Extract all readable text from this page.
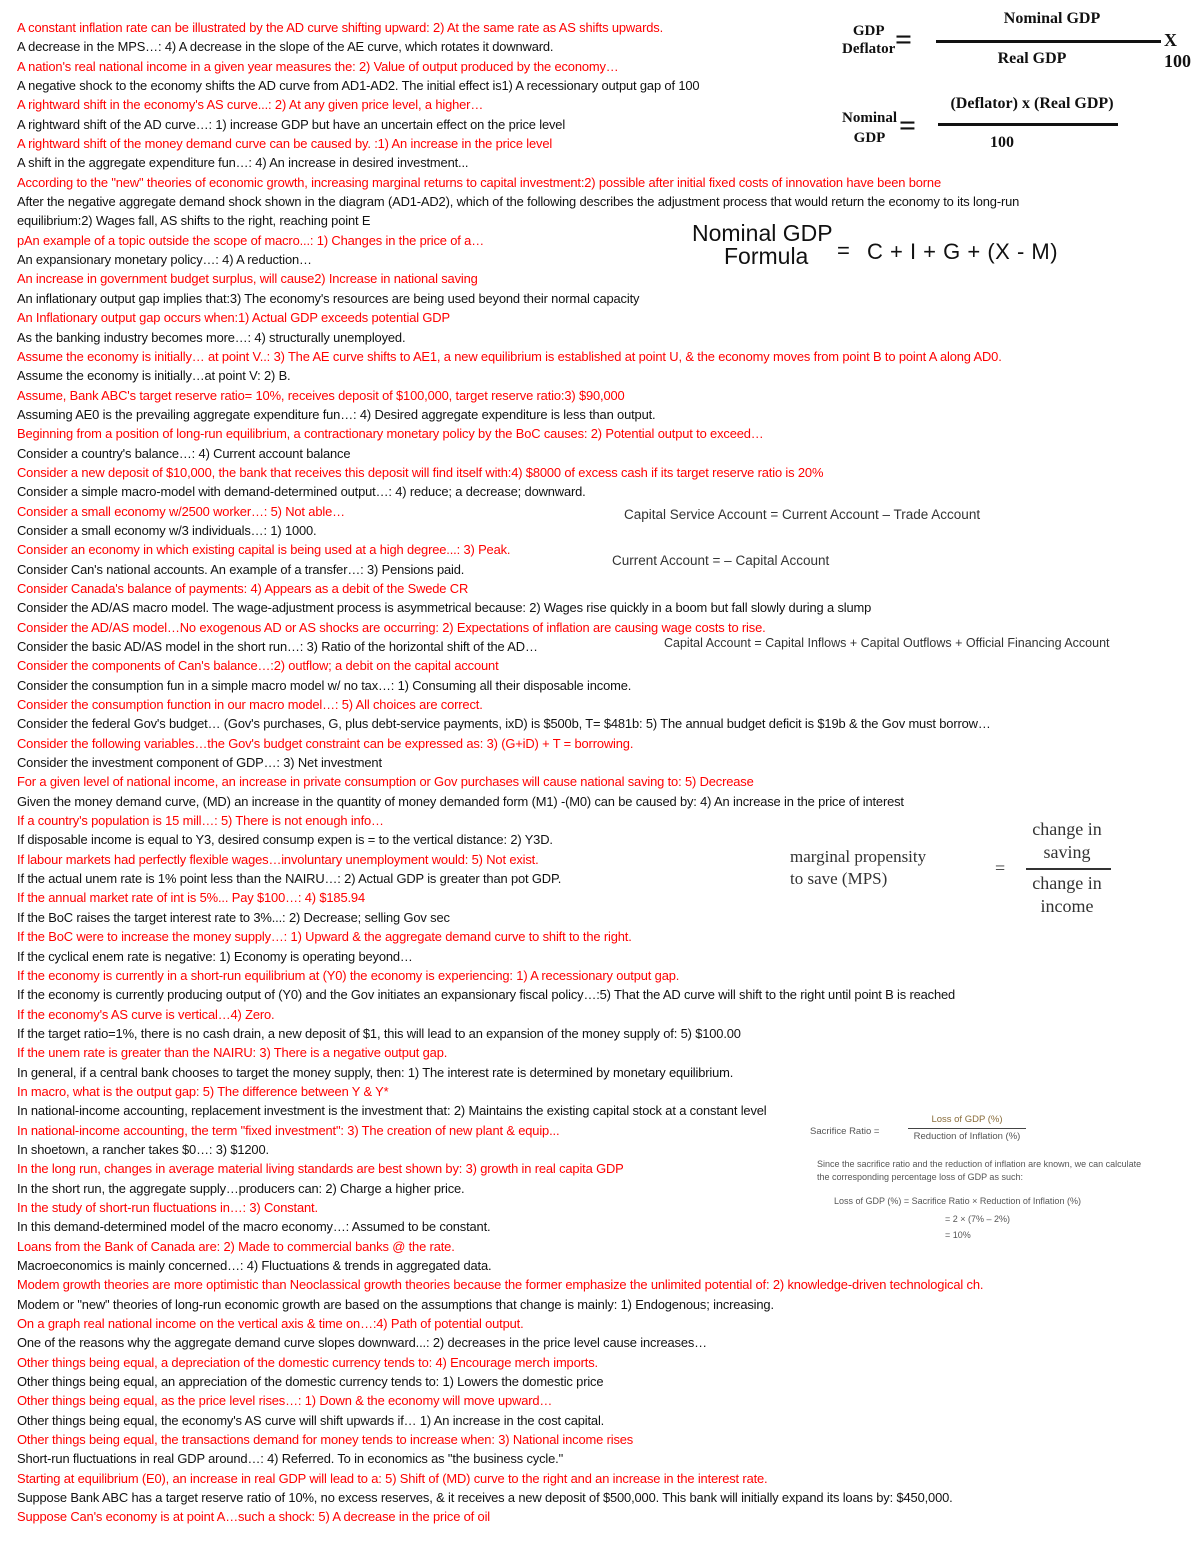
A constant inflation rate can be illustrated by the AD curve shifting upward: 2) At the same rate as AS shifts upwards.
A decrease in the MPS…: 4) A decrease in the slope of the AE curve, which rotates it downward.
A nation's real national income in a given year measures the: 2) Value of output produced by the economy…
A negative shock to the economy shifts the AD curve from AD1-AD2. The initial effect is1) A recessionary output gap of 100
A rightward shift in the economy's AS curve...: 2) At any given price level, a higher…
A rightward shift of the AD curve…: 1) increase GDP but have an uncertain effect on the price level
A rightward shift of the money demand curve can be caused by. :1) An increase in the price level
A shift in the aggregate expenditure fun…: 4) An increase in desired investment...
According to the "new" theories of economic growth, increasing marginal returns to capital investment:2) possible after initial fixed costs of innovation have been borne
After the negative aggregate demand shock shown in the diagram (AD1-AD2), which of the following describes the adjustment process that would return the economy to its long-run
equilibrium:2) Wages fall, AS shifts to the right, reaching point E
pAn example of a topic outside the scope of macro...: 1) Changes in the price of a…
An expansionary monetary policy…: 4) A reduction…
An increase in government budget surplus, will cause2) Increase in national saving
An inflationary output gap implies that:3) The economy's resources are being used beyond their normal capacity
An Inflationary output gap occurs when:1) Actual GDP exceeds potential GDP
As the banking industry becomes more…: 4) structurally unemployed.
Assume the economy is initially… at point V..: 3) The AE curve shifts to AE1, a new equilibrium is established at point U, & the economy moves from point B to point A along AD0.
Assume the economy is initially…at point V: 2) B.
Assume, Bank ABC's target reserve ratio= 10%, receives deposit of $100,000, target reserve ratio:3) $90,000
Assuming AE0 is the prevailing aggregate expenditure fun…: 4) Desired aggregate expenditure is less than output.
Beginning from a position of long-run equilibrium, a contractionary monetary policy by the BoC causes: 2) Potential output to exceed…
Consider a country's balance…: 4) Current account balance
Consider a new deposit of $10,000, the bank that receives this deposit will find itself with:4) $8000 of excess cash if its target reserve ratio is 20%
Consider a simple macro-model with demand-determined output…: 4) reduce; a decrease; downward.
Consider a small economy w/2500 worker…: 5) Not able…
Consider a small economy w/3 individuals…: 1) 1000.
Consider an economy in which existing capital is being used at a high degree...: 3) Peak.
Consider Can's national accounts. An example of a transfer…: 3) Pensions paid.
Consider Canada's balance of payments: 4) Appears as a debit of the Swede CR
Consider the AD/AS macro model. The wage-adjustment process is asymmetrical because: 2) Wages rise quickly in a boom but fall slowly during a slump
Consider the AD/AS model…No exogenous AD or AS shocks are occurring: 2) Expectations of inflation are causing wage costs to rise.
Consider the basic AD/AS model in the short run…: 3) Ratio of the horizontal shift of the AD…
Consider the components of Can's balance…:2) outflow; a debit on the capital account
Consider the consumption fun in a simple macro model w/ no tax…: 1) Consuming all their disposable income.
Consider the consumption function in our macro model…: 5) All choices are correct.
Consider the federal Gov's budget… (Gov's purchases, G, plus debt-service payments, ixD) is $500b, T= $481b: 5) The annual budget deficit is $19b & the Gov must borrow…
Consider the following variables…the Gov's budget constraint can be expressed as: 3) (G+iD) + T = borrowing.
Consider the investment component of GDP…: 3) Net investment
For a given level of national income, an increase in private consumption or Gov purchases will cause national saving to: 5) Decrease
Given the money demand curve, (MD) an increase in the quantity of money demanded form (M1) -(M0) can be caused by: 4) An increase in the price of interest
If a country's population is 15 mill…: 5) There is not enough info…
If disposable income is equal to Y3, desired consump expen is = to the vertical distance: 2) Y3D.
If labour markets had perfectly flexible wages…involuntary unemployment would: 5) Not exist.
If the actual unem rate is 1% point less than the NAIRU…: 2) Actual GDP is greater than pot GDP.
If the annual market rate of int is 5%... Pay $100…: 4) $185.94
If the BoC raises the target interest rate to 3%...: 2) Decrease; selling Gov sec
If the BoC were to increase the money supply…: 1) Upward & the aggregate demand curve to shift to the right.
If the cyclical enem rate is negative: 1) Economy is operating beyond…
If the economy is currently in a short-run equilibrium at (Y0) the economy is experiencing: 1) A recessionary output gap.
If the economy is currently producing output of (Y0) and the Gov initiates an expansionary fiscal policy…:5) That the AD curve will shift to the right until point B is reached
If the economy's AS curve is vertical…4) Zero.
If the target ratio=1%, there is no cash drain, a new deposit of $1, this will lead to an expansion of the money supply of: 5) $100.00
If the unem rate is greater than the NAIRU: 3) There is a negative output gap.
In general, if a central bank chooses to target the money supply, then: 1) The interest rate is determined by monetary equilibrium.
In macro, what is the output gap: 5) The difference between Y & Y*
In national-income accounting, replacement investment is the investment that: 2) Maintains the existing capital stock at a constant level
In national-income accounting, the term "fixed investment": 3) The creation of new plant & equip...
In shoetown, a rancher takes $0…: 3) $1200.
In the long run, changes in average material living standards are best shown by: 3) growth in real capita GDP
In the short run, the aggregate supply…producers can: 2) Charge a higher price.
In the study of short-run fluctuations in…: 3) Constant.
In this demand-determined model of the macro economy…: Assumed to be constant.
Loans from the Bank of Canada are: 2) Made to commercial banks @ the rate.
Macroeconomics is mainly concerned…: 4) Fluctuations & trends in aggregated data.
Modem growth theories are more optimistic than Neoclassical growth theories because the former emphasize the unlimited potential of: 2) knowledge-driven technological ch.
Modem or "new" theories of long-run economic growth are based on the assumptions that change is mainly: 1) Endogenous; increasing.
On a graph real national income on the vertical axis & time on…:4) Path of potential output.
One of the reasons why the aggregate demand curve slopes downward...: 2) decreases in the price level cause increases…
Other things being equal, a depreciation of the domestic currency tends to: 4) Encourage merch imports.
Other things being equal, an appreciation of the domestic currency tends to: 1) Lowers the domestic price
Other things being equal, as the price level rises…: 1) Down & the economy will move upward…
Other things being equal, the economy's AS curve will shift upwards if… 1) An increase in the cost capital.
Other things being equal, the transactions demand for money tends to increase when: 3) National income rises
Short-run fluctuations in real GDP around…: 4) Referred. To in economics as "the business cycle."
Starting at equilibrium (E0), an increase in real GDP will lead to a: 5) Shift of (MD) curve to the right and an increase in the interest rate.
Suppose Bank ABC has a target reserve ratio of 10%, no excess reserves, & it receives a new deposit of $500,000. This bank will initially expand its loans by: $450,000.
Suppose Can's economy is at point A…such a shock: 5) A decrease in the price of oil
GDP
Deflator =
Nominal GDP
Real GDP
X 100
Nominal
GDP =
(Deflator) x (Real GDP)
100
Nominal GDP
Formula = C + I + G + (X - M)
Capital Service Account = Current Account – Trade Account
Current Account = – Capital Account
Capital Account = Capital Inflows + Capital Outflows + Official Financing Account
marginal propensity
to save (MPS)
=
change in
saving
change in
income
Sacrifice Ratio =
Loss of GDP (%)
Reduction of Inflation (%)
Since the sacrifice ratio and the reduction of inflation are known, we can calculate the corresponding percentage loss of GDP as such:
Loss of GDP (%) = Sacrifice Ratio × Reduction of Inflation (%)
= 2 × (7% – 2%)
= 10%
